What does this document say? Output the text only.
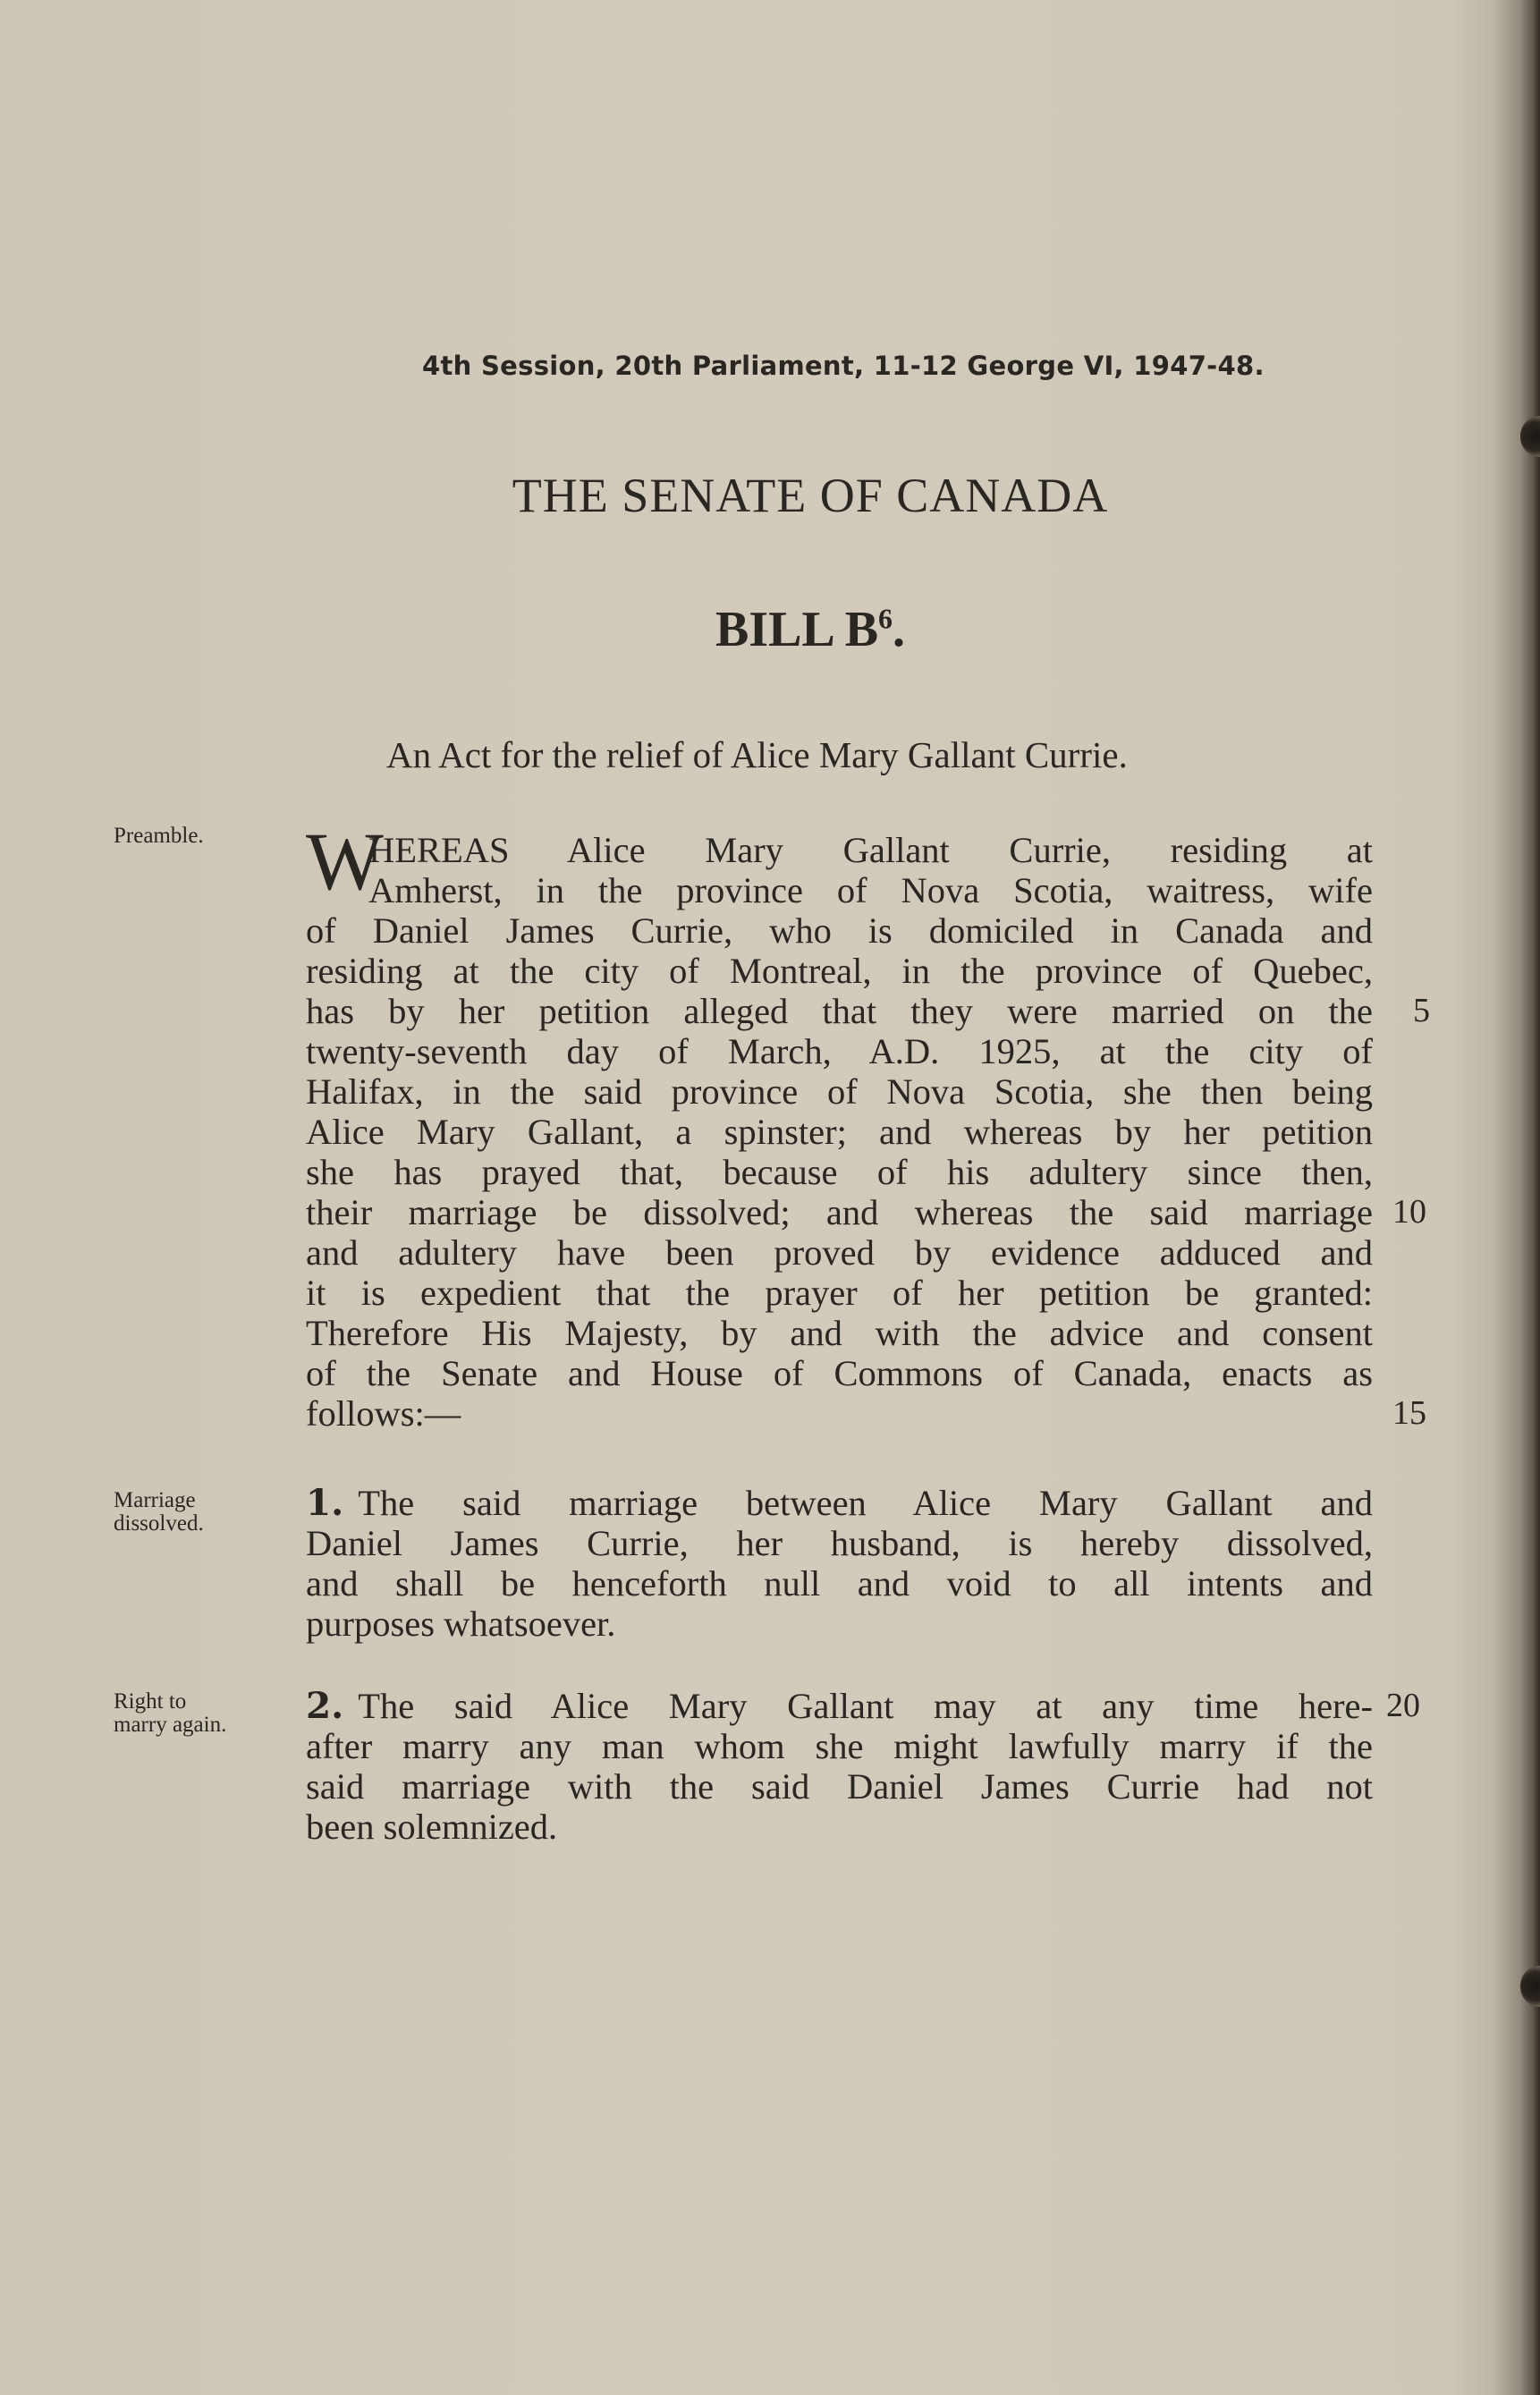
4th Session, 20th Parliament, 11-12 George VI, 1947-48.
THE SENATE OF CANADA
BILL $B^6$.
An Act for the relief of Alice Mary Gallant Currie.
Preamble.	W
HEREAS Alice Mary Gallant Currie, residing at
Amherst, in the province of Nova Scotia, waitress, wife
of Daniel James Currie, who is domiciled in Canada and
residing at the city of Montreal, in the province of Quebec,
has by her petition alleged that they were married on the
twenty-seventh day of March, A.D. 1925, at the city of
Halifax, in the said province of Nova Scotia, she then being
Alice Mary Gallant, a spinster; and whereas by her petition
she has prayed that, because of his adultery since then,
their marriage be dissolved; and whereas the said marriage
and adultery have been proved by evidence adduced and
it is expedient that the prayer of her petition be granted:
Therefore His Majesty, by and with the advice and consent
of the Senate and House of Commons of Canada, enacts as
follows:—
Marriage
dissolved.	1. The said marriage between Alice Mary Gallant and
Daniel James Currie, her husband, is hereby dissolved,
and shall be henceforth null and void to all intents and
purposes whatsoever.
Right to
marry again.	2. The said Alice Mary Gallant may at any time here-
after marry any man whom she might lawfully marry if the
said marriage with the said Daniel James Currie had not
been solemnized.
5
10
15
20
